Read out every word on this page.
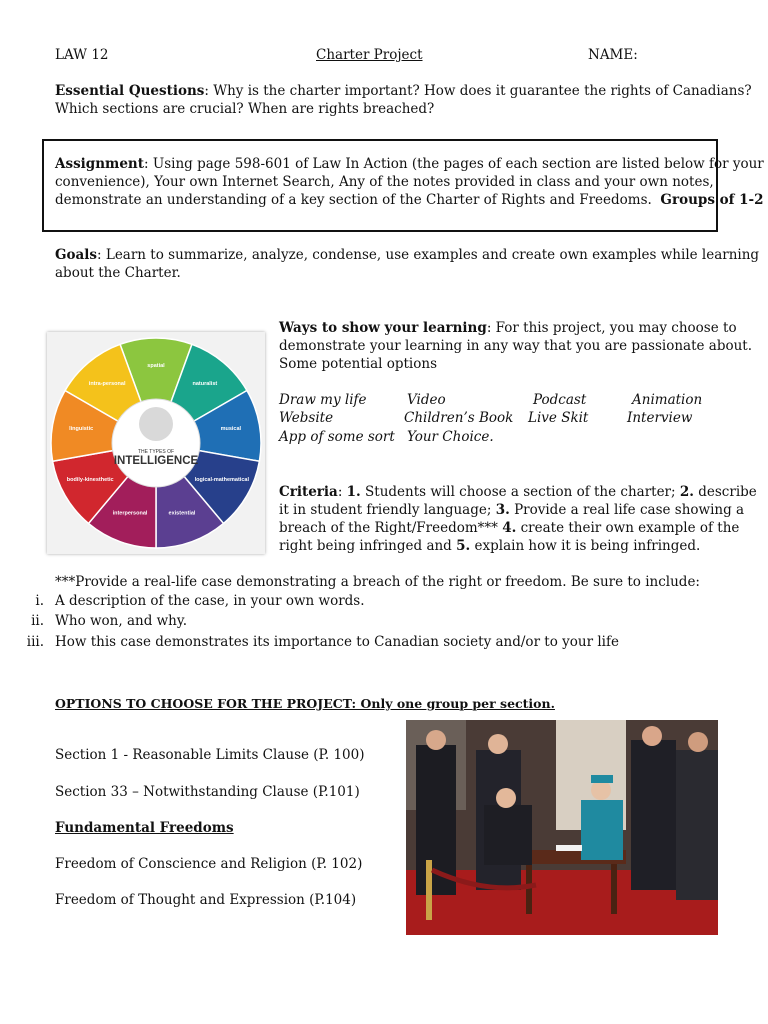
LAW 12	Charter Project	NAME:
Essential Questions: Why is the charter important? How does it guarantee the rights of Canadians?
Which sections are crucial? When are rights breached?
Assignment: Using page 598-601 of Law In Action (the pages of each section are listed below for your
convenience), Your own Internet Search, Any of the notes provided in class and your own notes,
demonstrate an understanding of a key section of the Charter of Rights and Freedoms. Groups of 1-2
Goals: Learn to summarize, analyze, condense, use examples and create own examples while learning
about the Charter.
spatial
naturalist
musical
logical-mathematical
existential
interpersonal
bodily-kinesthetic
linguistic
intra-personal
THE TYPES OF
INTELLIGENCE
Ways to show your learning: For this project, you may choose to
demonstrate your learning in any way that you are passionate about.
Some potential options
Draw my life	Video	Podcast	Animation
Website	Children’s Book Live Skit	Interview
App of some sort Your Choice.
Criteria: 1. Students will choose a section of the charter; 2. describe
it in student friendly language; 3. Provide a real life case showing a
breach of the Right/Freedom*** 4. create their own example of the
right being infringed and 5. explain how it is being infringed.
***Provide a real-life case demonstrating a breach of the right or freedom. Be sure to include:
i. A description of the case, in your own words.
ii. Who won, and why.
iii. How this case demonstrates its importance to Canadian society and/or to your life
OPTIONS TO CHOOSE FOR THE PROJECT: Only one group per section.
Section 1 - Reasonable Limits Clause (P. 100)
Section 33 – Notwithstanding Clause (P.101)
Fundamental Freedoms
Freedom of Conscience and Religion (P. 102)
Freedom of Thought and Expression (P.104)
